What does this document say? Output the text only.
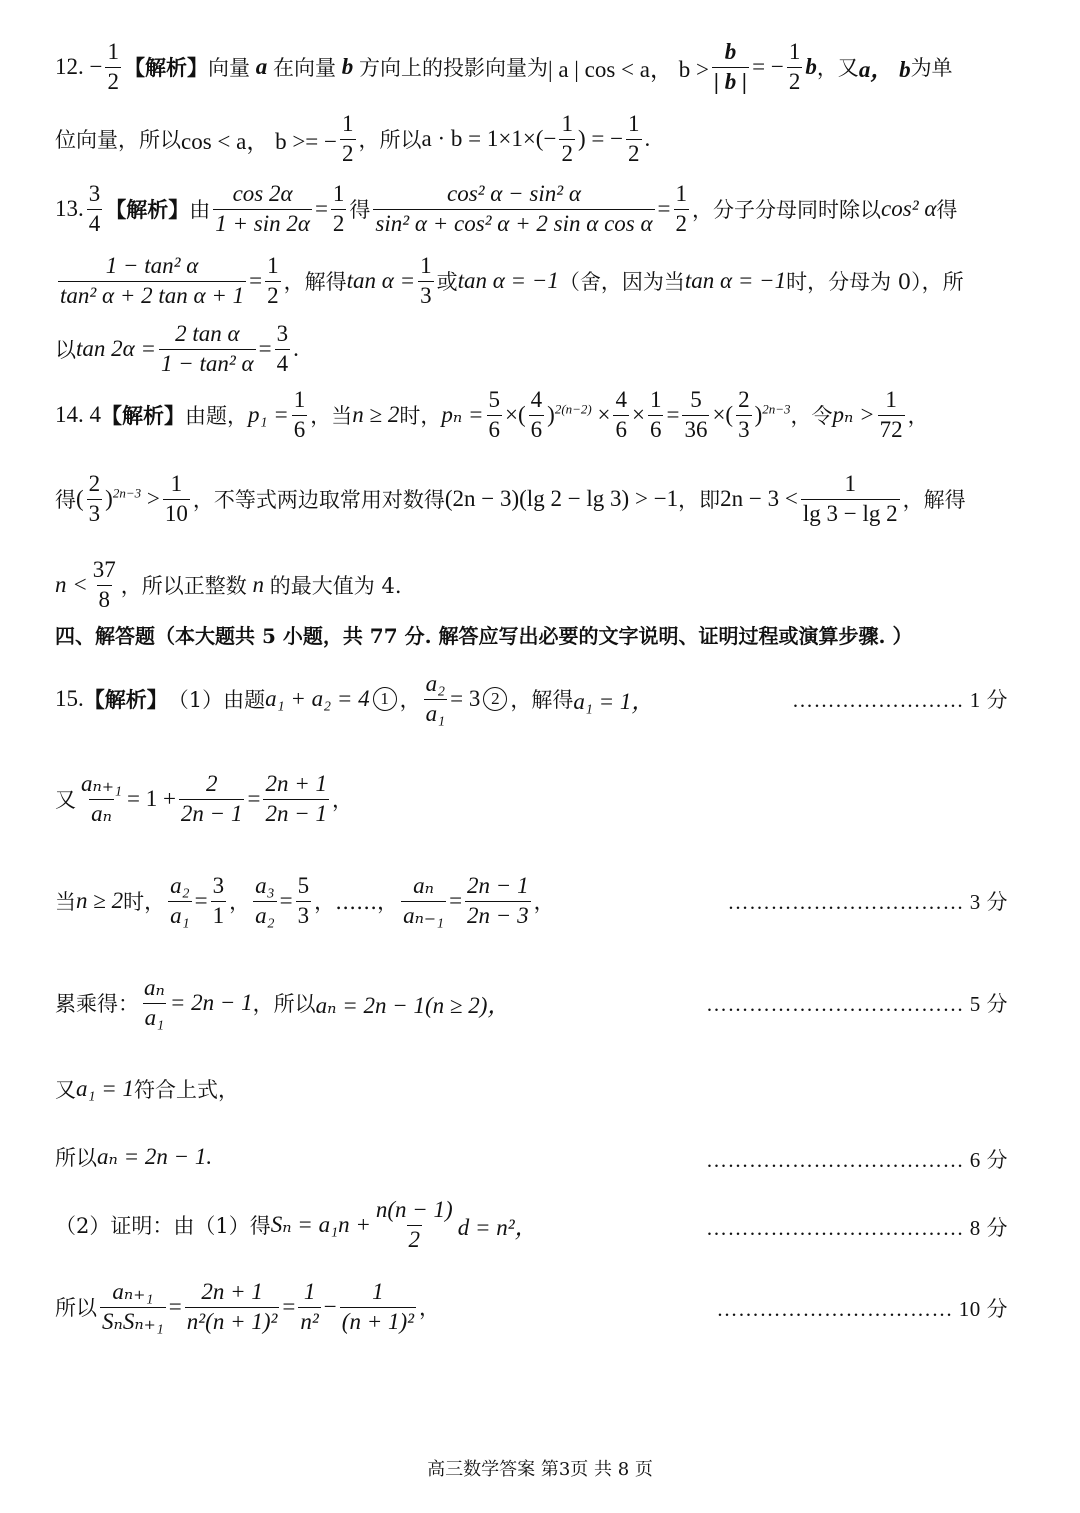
12. − $\frac{1}{2}$ 【解析】 向量 a 在向量 b 方向上的投影向量为 | a | cos < a， $b > \frac{b}{| b |}$ = − $\frac{1}{2}$ b ，又 a， b 为单
位向量，所以 cos < a， b >= − $\frac{1}{2}$ ，所以 $a \cdot b = 1\times 1\times(- \frac{1}{2}$ ) = − $\frac{1}{2}$ .
13. $\frac{3}{4}$ 【解析】 由 $\frac{\cos 2\alpha}{1 + \sin 2\alpha} = \frac{1}{2}$ 得 $\frac{\text{cos² α − sin² α}}{\text{sin² α + cos² α + 2 sin α cos α}} = \frac{1}{2}$ ，分子分母同时除以 cos² α 得
$\frac{\text{1 − tan² α}}{\text{tan² α + 2 tan α + 1}} = \frac{1}{2}$ ，解得 $\tan \alpha = \frac{1}{3}$ 或 tan α = −1 （舍，因为当 tan α = −1 时，分母为 0），所
以 $\tan 2\alpha = \frac{\text{2 tan α}}{\text{1 − tan² α}} = \frac{3}{4}$ .
14. 4 【解析】 由题， $p_1 = \frac{1}{6}$ ，当 n ≥ 2 时， $p_n = \frac{5}{6}$ ×( $\frac{4}{6} )^{2(n-2)} \times \frac{4}{6} \times \frac{1}{6} = \frac{5}{36}$ ×( $\frac{2}{3} )^{2n-3}$ ，令 $p_n > \frac{1}{72}$ ，
得 ( $\frac{2}{3} )^{2n-3} > \frac{1}{10}$ ，不等式两边取常用对数得 (2n − 3)(lg 2 − lg 3) > −1 ，即 $2n - 3 < \frac{1}{\lg 3 - \lg 2}$ ，解得
$n < \frac{37}{8}$ ，所以正整数 n 的最大值为 4.
四、解答题（本大题共 5 小题，共 77 分. 解答应写出必要的文字说明、证明过程或演算步骤. ）
15. 【解析】 （1）由题 a₁ + a₂ = 4 1 ， $\frac{\text{a₂}}{\text{a₁}} = 3$ 2 ，解得 a₁ = 1，	…………………… 1 分
又 $\frac{\text{aₙ₊₁}}{\text{aₙ}} = 1 + \frac{2}{2n - 1} = \frac{2n + 1}{2n - 1}$ ，
当 n ≥ 2 时， $\frac{\text{a₂}}{\text{a₁}} = \frac{3}{1}$ ， $\frac{\text{a₃}}{\text{a₂}} = \frac{5}{3}$ ， ……， $\frac{\text{aₙ}}{\text{aₙ₋₁}} = \frac{2n - 1}{2n - 3}$ ，	…………………………… 3 分
累乘得： $\frac{\text{aₙ}}{\text{a₁}} = 2n - 1$ ，所以 aₙ = 2n − 1(n ≥ 2)，	……………………………… 5 分
又 a₁ = 1 符合上式，
所以 aₙ = 2n − 1.	……………………………… 6 分
（2）证明：由（1）得 $S_n = a_1n + \frac{n(n - 1)}{2}$ d = n²，	……………………………… 8 分
所以 $\frac{\text{aₙ₊₁}}{\text{SₙSₙ₊₁}} = \frac{2n + 1}{\text{n²(n + 1)²}} = \frac{1}{\text{n²}} - \frac{1}{\text{(n + 1)²}}$ ，	…………………………… 10 分
高三数学答案 第3页 共 8 页
